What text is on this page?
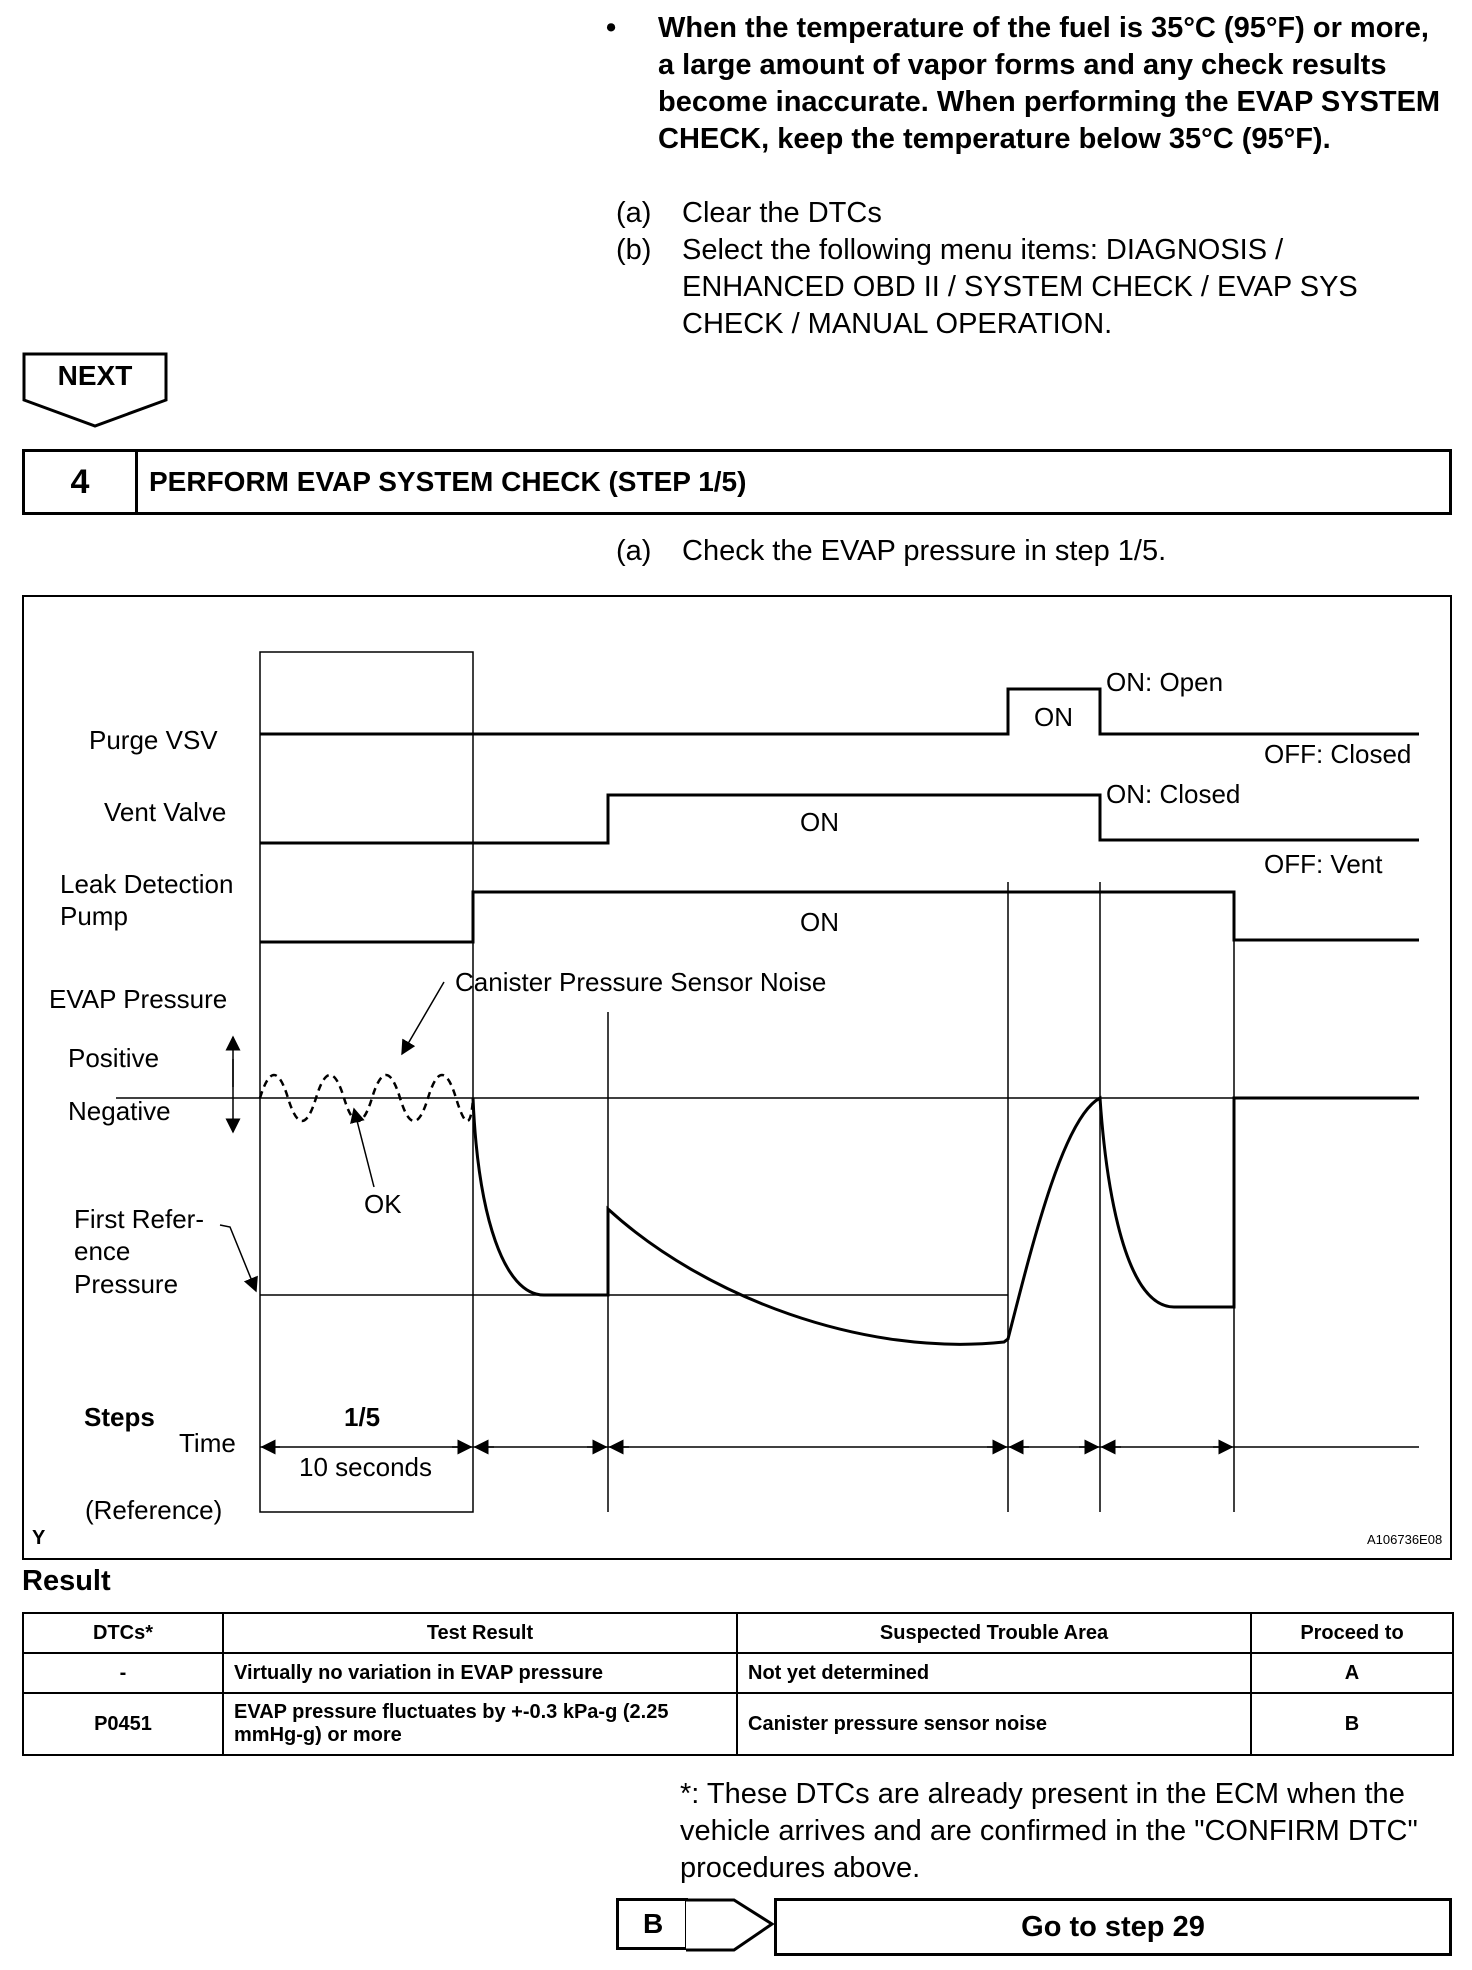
• When the temperature of the fuel is 35°C (95°F) or more, a large amount of vapor forms and any check results become inaccurate. When performing the EVAP SYSTEM CHECK, keep the temperature below 35°C (95°F).
(a) Clear the DTCs
(b) Select the following menu items: DIAGNOSIS / ENHANCED OBD II / SYSTEM CHECK / EVAP SYS CHECK / MANUAL OPERATION.
NEXT
4	PERFORM EVAP SYSTEM CHECK (STEP 1/5)
(a) Check the EVAP pressure in step 1/5.
Purge VSV
Vent Valve
Leak Detection
Pump
EVAP Pressure
Positive
Negative
First Refer-
ence
Pressure
OK
Canister Pressure Sensor Noise
ON: Open
OFF: Closed
ON: Closed
OFF: Vent
ON
ON
ON
Steps	1/5
Time
10 seconds
(Reference)
Y	A106736E08
Result
DTCs*	Test Result	Suspected Trouble Area	Proceed to
-	Virtually no variation in EVAP pressure	Not yet determined	A
P0451	EVAP pressure fluctuates by +-0.3 kPa-g (2.25 mmHg-g) or more	Canister pressure sensor noise	B
*: These DTCs are already present in the ECM when the vehicle arrives and are confirmed in the "CONFIRM DTC" procedures above.
B	Go to step 29
